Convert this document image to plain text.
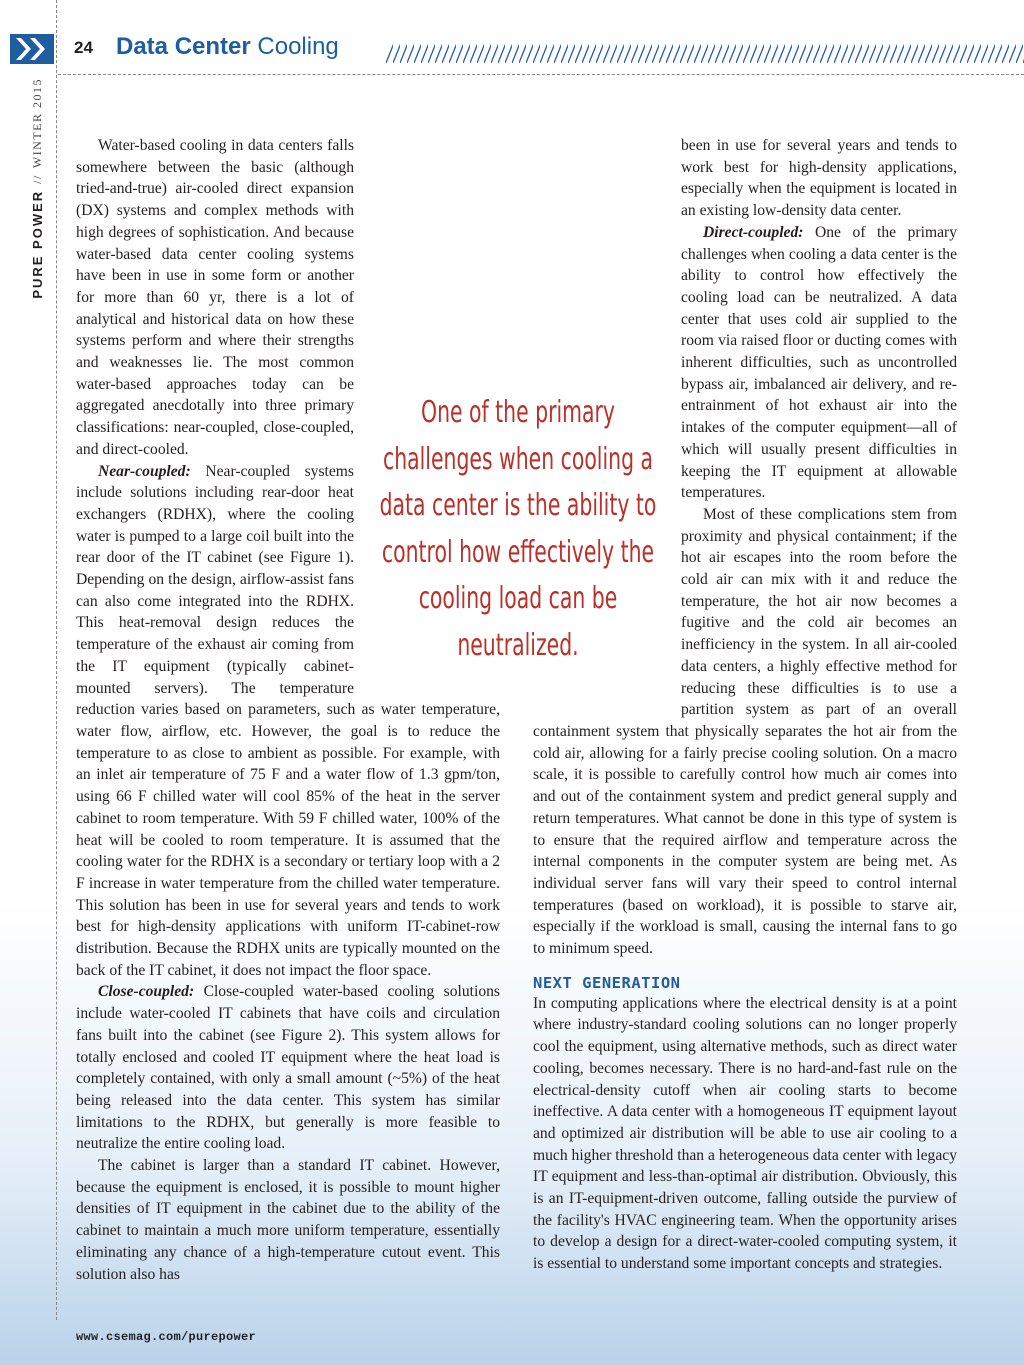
24 Data Center Cooling
PURE POWER
//
WINTER 2015	Water-based cooling in data centers falls somewhere between the basic (although tried-and-true) air-cooled direct expansion (DX) systems and complex methods with high degrees of sophistication. And because water-based data center cooling systems have been in use in some form or another for more than 60 yr, there is a lot of analytical and historical data on how these systems perform and where their strengths and weaknesses lie. The most common water-based approaches today can be aggregated anecdotally into three primary classifications: near-coupled, close-coupled, and direct-cooled.

Near-coupled: Near-coupled systems include solutions including rear-door heat exchangers (RDHX), where the cooling water is pumped to a large coil built into the rear door of the IT cabinet (see Figure 1). Depending on the design, airflow-assist fans can also come integrated into the RDHX. This heat-removal design reduces the temperature of the exhaust air coming from the IT equipment (typically cabinet-mounted servers). The temperature reduction varies based on parameters, such as water temperature, water flow, airflow, etc. However, the goal is to reduce the temperature to as close to ambient as possible. For example, with an inlet air temperature of 75 F and a water flow of 1.3 gpm/ton, using 66 F chilled water will cool 85% of the heat in the server cabinet to room temperature. With 59 F chilled water, 100% of the heat will be cooled to room temperature. It is assumed that the cooling water for the RDHX is a secondary or tertiary loop with a 2 F increase in water temperature from the chilled water temperature. This solution has been in use for several years and tends to work best for high-density applications with uniform IT-cabinet-row distribution. Because the RDHX units are typically mounted on the back of the IT cabinet, it does not impact the floor space.

Close-coupled: Close-coupled water-based cooling solutions include water-cooled IT cabinets that have coils and circulation fans built into the cabinet (see Figure 2). This system allows for totally enclosed and cooled IT equipment where the heat load is completely contained, with only a small amount (~5%) of the heat being released into the data center. This system has similar limitations to the RDHX, but generally is more feasible to neutralize the entire cooling load.

The cabinet is larger than a standard IT cabinet. However, because the equipment is enclosed, it is possible to mount higher densities of IT equipment in the cabinet due to the ability of the cabinet to maintain a much more uniform temperature, essentially eliminating any chance of a high-temperature cutout event. This solution also has

been in use for several years and tends to work best for high-density applications, especially when the equipment is located in an existing low-density data center.

Direct-coupled: One of the primary challenges when cooling a data center is the ability to control how effectively the cooling load can be neutralized. A data center that uses cold air supplied to the room via raised floor or ducting comes with inherent difficulties, such as uncontrolled bypass air, imbalanced air delivery, and re-entrainment of hot exhaust air into the intakes of the computer equipment—all of which will usually present difficulties in keeping the IT equipment at allowable temperatures.

Most of these complications stem from proximity and physical containment; if the hot air escapes into the room before the cold air can mix with it and reduce the temperature, the hot air now becomes a fugitive and the cold air becomes an inefficiency in the system. In all air-cooled data centers, a highly effective method for reducing these difficulties is to use a partition system as part of an overall containment system that physically separates the hot air from the cold air, allowing for a fairly precise cooling solution. On a macro scale, it is possible to carefully control how much air comes into and out of the containment system and predict general supply and return temperatures. What cannot be done in this type of system is to ensure that the required airflow and temperature across the internal components in the computer system are being met. As individual server fans will vary their speed to control internal temperatures (based on workload), it is possible to starve air, especially if the workload is small, causing the internal fans to go to minimum speed.

NEXT GENERATION

In computing applications where the electrical density is at a point where industry-standard cooling solutions can no longer properly cool the equipment, using alternative methods, such as direct water cooling, becomes necessary. There is no hard-and-fast rule on the electrical-density cutoff when air cooling starts to become ineffective. A data center with a homogeneous IT equipment layout and optimized air distribution will be able to use air cooling to a much higher threshold than a heterogeneous data center with legacy IT equipment and less-than-optimal air distribution. Obviously, this is an IT-equipment-driven outcome, falling outside the purview of the facility's HVAC engineering team. When the opportunity arises to develop a design for a direct-water-cooled computing system, it is essential to understand some important concepts and strategies.

One of the primary challenges when cooling a data center is the ability to control how effectively the cooling load can be neutralized.
www.csemag.com/purepower
